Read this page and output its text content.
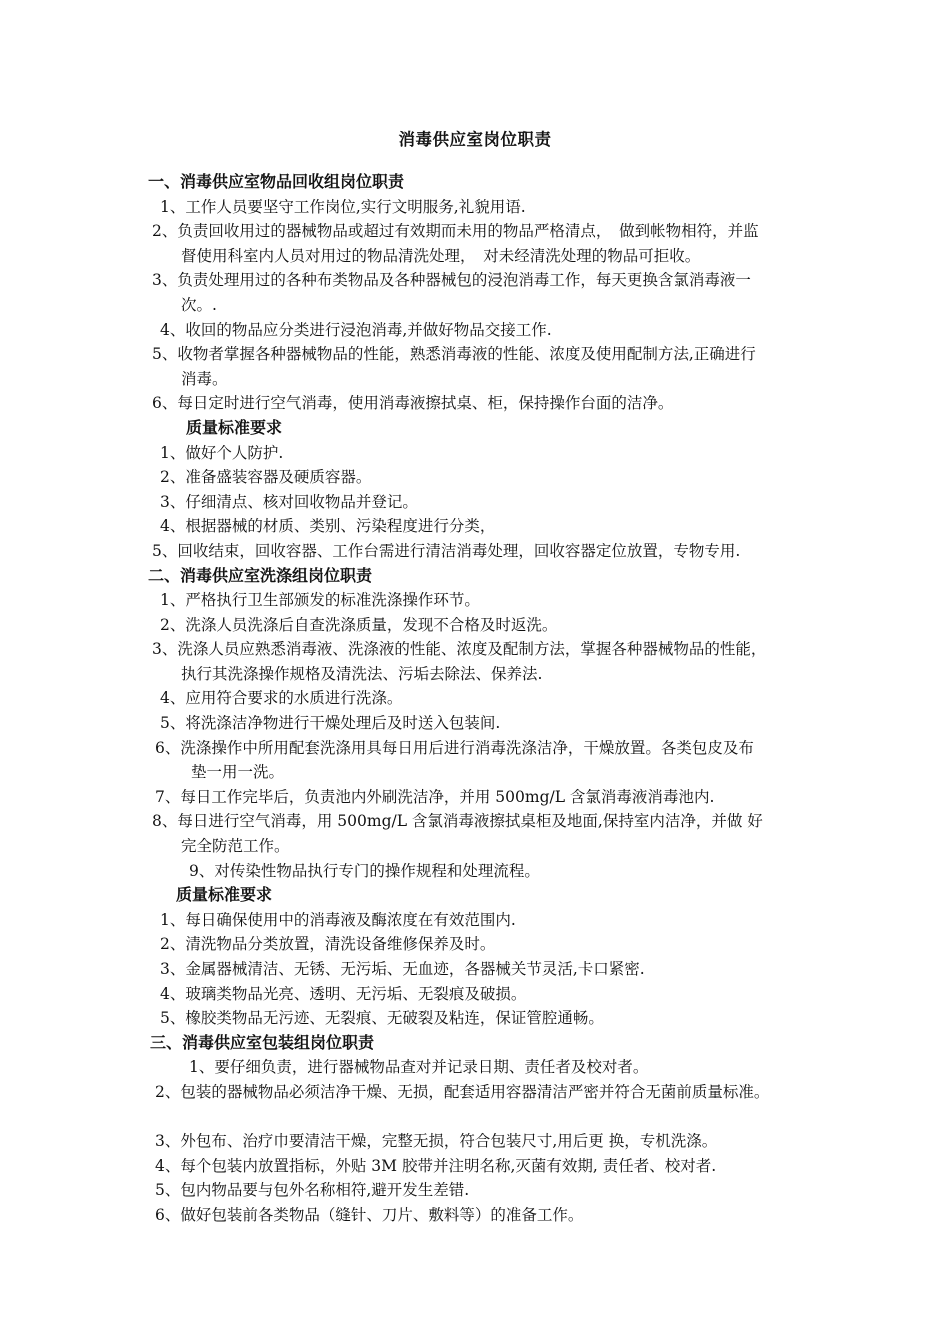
消毒供应室岗位职责
一、消毒供应室物品回收组岗位职责
1、工作人员要坚守工作岗位,实行文明服务,礼貌用语.
2、负责回收用过的器械物品或超过有效期而未用的物品严格清点，　做到帐物相符，并监
督使用科室内人员对用过的物品清洗处理，　对未经清洗处理的物品可拒收。
3、负责处理用过的各种布类物品及各种器械包的浸泡消毒工作，每天更换含氯消毒液一
次。.
4、收回的物品应分类进行浸泡消毒,并做好物品交接工作.
5、收物者掌握各种器械物品的性能，熟悉消毒液的性能、浓度及使用配制方法,正确进行
消毒。
6、每日定时进行空气消毒，使用消毒液擦拭桌、柜，保持操作台面的洁净。
质量标准要求
1、做好个人防护.
2、准备盛装容器及硬质容器。
3、仔细清点、核对回收物品并登记。
4、根据器械的材质、类别、污染程度进行分类，
5、回收结束，回收容器、工作台需进行清洁消毒处理，回收容器定位放置，专物专用.
二、消毒供应室洗涤组岗位职责
1、严格执行卫生部颁发的标准洗涤操作环节。
2、洗涤人员洗涤后自查洗涤质量，发现不合格及时返洗。
3、洗涤人员应熟悉消毒液、洗涤液的性能、浓度及配制方法，掌握各种器械物品的性能，
执行其洗涤操作规格及清洗法、污垢去除法、保养法.
4、应用符合要求的水质进行洗涤。
5、将洗涤洁净物进行干燥处理后及时送入包装间.
6、洗涤操作中所用配套洗涤用具每日用后进行消毒洗涤洁净，干燥放置。各类包皮及布
垫一用一洗。
7、每日工作完毕后，负责池内外刷洗洁净，并用 500mg/L 含氯消毒液消毒池内.
8、每日进行空气消毒，用 500mg/L 含氯消毒液擦拭桌柜及地面,保持室内洁净，并做 好
完全防范工作。
9、对传染性物品执行专门的操作规程和处理流程。
质量标准要求
1、每日确保使用中的消毒液及酶浓度在有效范围内.
2、清洗物品分类放置，清洗设备维修保养及时。
3、金属器械清洁、无锈、无污垢、无血迹，各器械关节灵活,卡口紧密.
4、玻璃类物品光亮、透明、无污垢、无裂痕及破损。
5、橡胶类物品无污迹、无裂痕、无破裂及粘连，保证管腔通畅。
三、消毒供应室包装组岗位职责
1、要仔细负责，进行器械物品查对并记录日期、责任者及校对者。
2、包装的器械物品必须洁净干燥、无损，配套适用容器清洁严密并符合无菌前质量标准。
3、外包布、治疗巾要清洁干燥，完整无损，符合包装尺寸,用后更 换，专机洗涤。
4、每个包装内放置指标，外贴 3M 胶带并注明名称,灭菌有效期, 责任者、校对者.
5、包内物品要与包外名称相符,避开发生差错.
6、做好包装前各类物品（缝针、刀片、敷料等）的准备工作。
